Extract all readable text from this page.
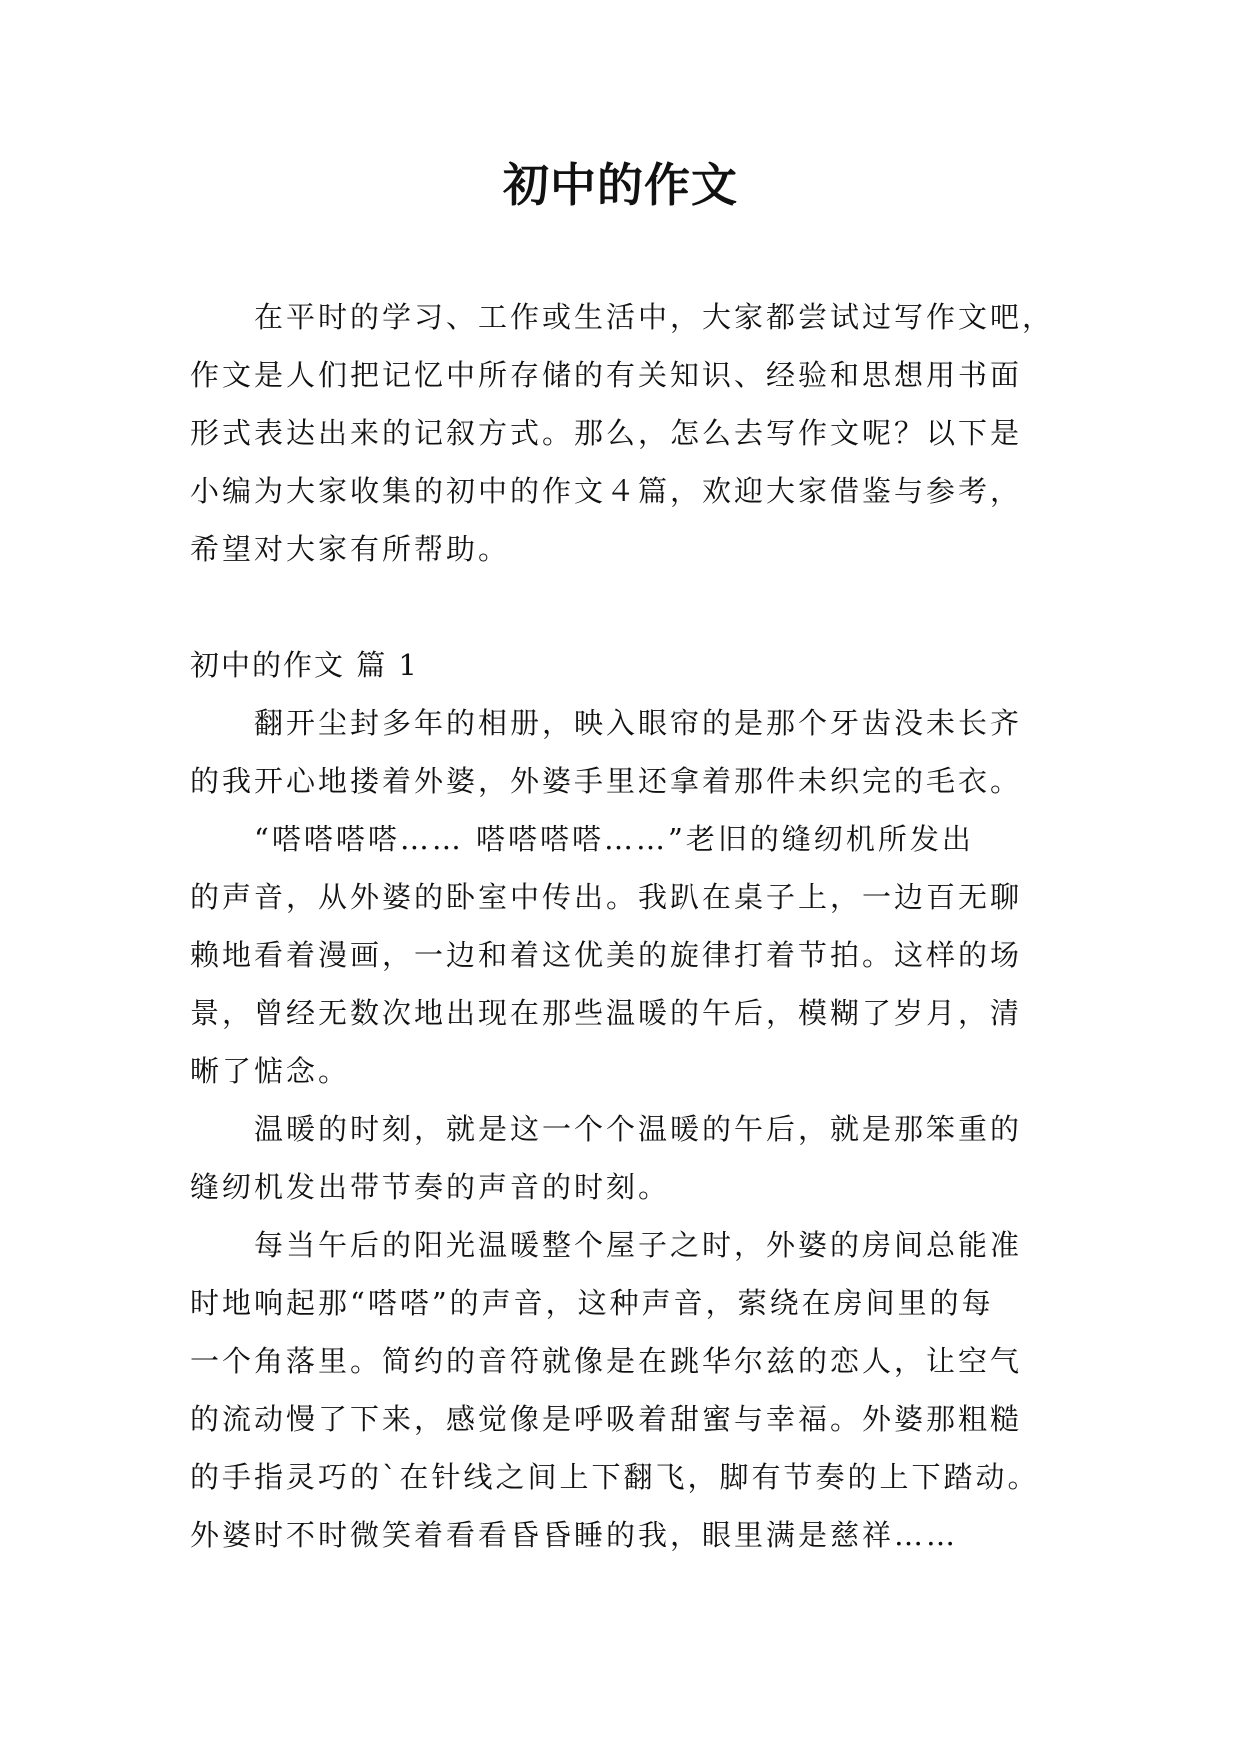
初中的作文
在平时的学习、工作或生活中，大家都尝试过写作文吧，
作文是人们把记忆中所存储的有关知识、经验和思想用书面
形式表达出来的记叙方式。那么，怎么去写作文呢？以下是
小编为大家收集的初中的作文４篇，欢迎大家借鉴与参考，
希望对大家有所帮助。
初中的作文 篇 1
翻开尘封多年的相册，映入眼帘的是那个牙齿没未长齐
的我开心地搂着外婆，外婆手里还拿着那件未织完的毛衣。
“嗒嗒嗒嗒…… 嗒嗒嗒嗒……”老旧的缝纫机所发出
的声音，从外婆的卧室中传出。我趴在桌子上，一边百无聊
赖地看着漫画，一边和着这优美的旋律打着节拍。这样的场
景，曾经无数次地出现在那些温暖的午后，模糊了岁月，清
晰了惦念。
温暖的时刻，就是这一个个温暖的午后，就是那笨重的
缝纫机发出带节奏的声音的时刻。
每当午后的阳光温暖整个屋子之时，外婆的房间总能准
时地响起那“嗒嗒”的声音，这种声音，萦绕在房间里的每
一个角落里。简约的音符就像是在跳华尔兹的恋人，让空气
的流动慢了下来，感觉像是呼吸着甜蜜与幸福。外婆那粗糙
的手指灵巧的`在针线之间上下翻飞，脚有节奏的上下踏动。
外婆时不时微笑着看看昏昏睡的我，眼里满是慈祥……
